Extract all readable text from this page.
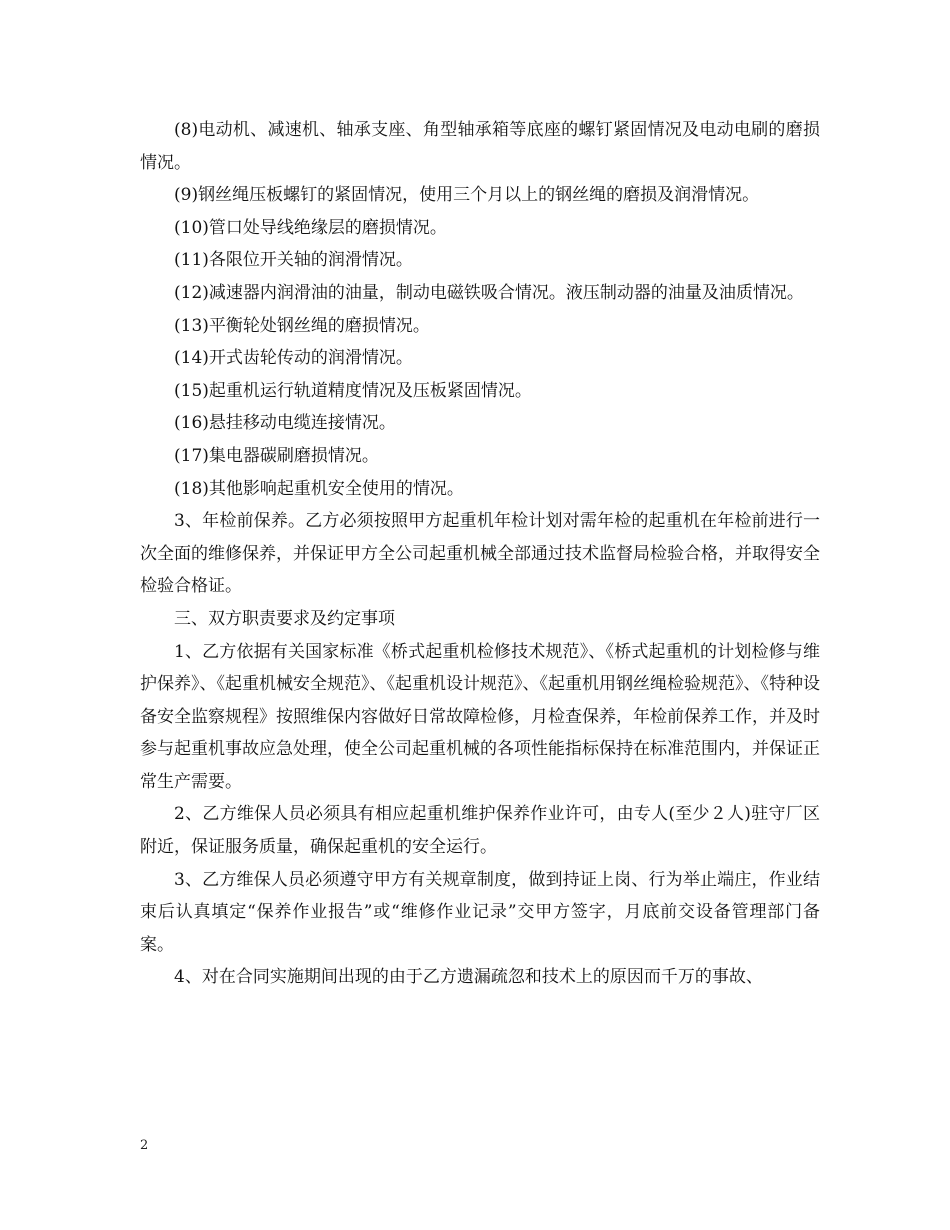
(8)电动机、减速机、轴承支座、角型轴承箱等底座的螺钉紧固情况及电动电刷的磨损情况。

(9)钢丝绳压板螺钉的紧固情况，使用三个月以上的钢丝绳的磨损及润滑情况。

(10)管口处导线绝缘层的磨损情况。

(11)各限位开关轴的润滑情况。

(12)减速器内润滑油的油量，制动电磁铁吸合情况。液压制动器的油量及油质情况。

(13)平衡轮处钢丝绳的磨损情况。

(14)开式齿轮传动的润滑情况。

(15)起重机运行轨道精度情况及压板紧固情况。

(16)悬挂移动电缆连接情况。

(17)集电器碳刷磨损情况。

(18)其他影响起重机安全使用的情况。

3、年检前保养。乙方必须按照甲方起重机年检计划对需年检的起重机在年检前进行一次全面的维修保养，并保证甲方全公司起重机械全部通过技术监督局检验合格，并取得安全检验合格证。

三、双方职责要求及约定事项

1、乙方依据有关国家标准《桥式起重机检修技术规范》、《桥式起重机的计划检修与维护保养》、《起重机械安全规范》、《起重机设计规范》、《起重机用钢丝绳检验规范》、《特种设备安全监察规程》按照维保内容做好日常故障检修，月检查保养，年检前保养工作，并及时参与起重机事故应急处理，使全公司起重机械的各项性能指标保持在标准范围内，并保证正常生产需要。

2、乙方维保人员必须具有相应起重机维护保养作业许可，由专人(至少２人)驻守厂区附近，保证服务质量，确保起重机的安全运行。

3、乙方维保人员必须遵守甲方有关规章制度，做到持证上岗、行为举止端庄，作业结束后认真填定“保养作业报告”或“维修作业记录”交甲方签字，月底前交设备管理部门备案。

4、对在合同实施期间出现的由于乙方遗漏疏忽和技术上的原因而千万的事故、

2
